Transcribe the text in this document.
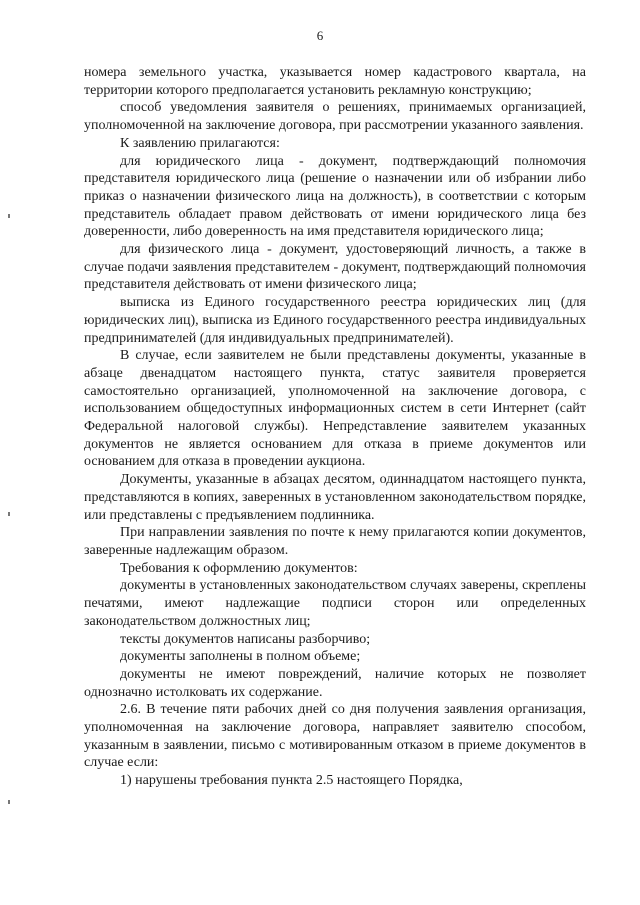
6

номера земельного участка, указывается номер кадастрового квартала, на территории которого предполагается установить рекламную конструкцию;

способ уведомления заявителя о решениях, принимаемых организацией, уполномоченной на заключение договора, при рассмотрении указанного заявления.

К заявлению прилагаются:

для юридического лица - документ, подтверждающий полномочия представителя юридического лица (решение о назначении или об избрании либо приказ о назначении физического лица на должность), в соответствии с которым представитель обладает правом действовать от имени юридического лица без доверенности, либо доверенность на имя представителя юридического лица;

для физического лица - документ, удостоверяющий личность, а также в случае подачи заявления представителем - документ, подтверждающий полномочия представителя действовать от имени физического лица;

выписка из Единого государственного реестра юридических лиц (для юридических лиц), выписка из Единого государственного реестра индивидуальных предпринимателей (для индивидуальных предпринимателей).

В случае, если заявителем не были представлены документы, указанные в абзаце двенадцатом настоящего пункта, статус заявителя проверяется самостоятельно организацией, уполномоченной на заключение договора, с использованием общедоступных информационных систем в сети Интернет (сайт Федеральной налоговой службы). Непредставление заявителем указанных документов не является основанием для отказа в приеме документов или основанием для отказа в проведении аукциона.

Документы, указанные в абзацах десятом, одиннадцатом настоящего пункта, представляются в копиях, заверенных в установленном законодательством порядке, или представлены с предъявлением подлинника.

При направлении заявления по почте к нему прилагаются копии документов, заверенные надлежащим образом.

Требования к оформлению документов:

документы в установленных законодательством случаях заверены, скреплены печатями, имеют надлежащие подписи сторон или определенных законодательством должностных лиц;

тексты документов написаны разборчиво;

документы заполнены в полном объеме;

документы не имеют повреждений, наличие которых не позволяет однозначно истолковать их содержание.

2.6. В течение пяти рабочих дней со дня получения заявления организация, уполномоченная на заключение договора, направляет заявителю способом, указанным в заявлении, письмо с мотивированным отказом в приеме документов в случае если:

1) нарушены требования пункта 2.5 настоящего Порядка,
